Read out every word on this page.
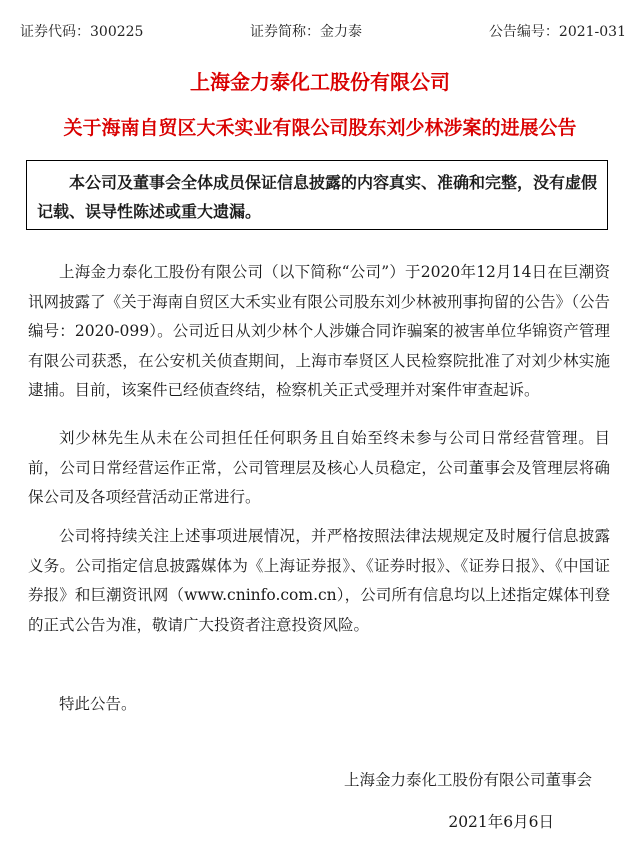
证券代码：300225	证券简称：金力泰	公告编号：2021-031
上海金力泰化工股份有限公司
关于海南自贸区大禾实业有限公司股东刘少林涉案的进展公告
本公司及董事会全体成员保证信息披露的内容真实、准确和完整，没有虚假记载、误导性陈述或重大遗漏。

上海金力泰化工股份有限公司（以下简称“公司”）于2020年12月14日在巨潮资讯网披露了《关于海南自贸区大禾实业有限公司股东刘少林被刑事拘留的公告》（公告编号：2020-099）。公司近日从刘少林个人涉嫌合同诈骗案的被害单位华锦资产管理有限公司获悉，在公安机关侦查期间，上海市奉贤区人民检察院批准了对刘少林实施逮捕。目前，该案件已经侦查终结，检察机关正式受理并对案件审查起诉。

刘少林先生从未在公司担任任何职务且自始至终未参与公司日常经营管理。目前，公司日常经营运作正常，公司管理层及核心人员稳定，公司董事会及管理层将确保公司及各项经营活动正常进行。

公司将持续关注上述事项进展情况，并严格按照法律法规规定及时履行信息披露义务。公司指定信息披露媒体为《上海证券报》、《证券时报》、《证券日报》、《中国证券报》和巨潮资讯网（www.cninfo.com.cn），公司所有信息均以上述指定媒体刊登的正式公告为准，敬请广大投资者注意投资风险。

特此公告。
上海金力泰化工股份有限公司董事会
2021年6月6日
